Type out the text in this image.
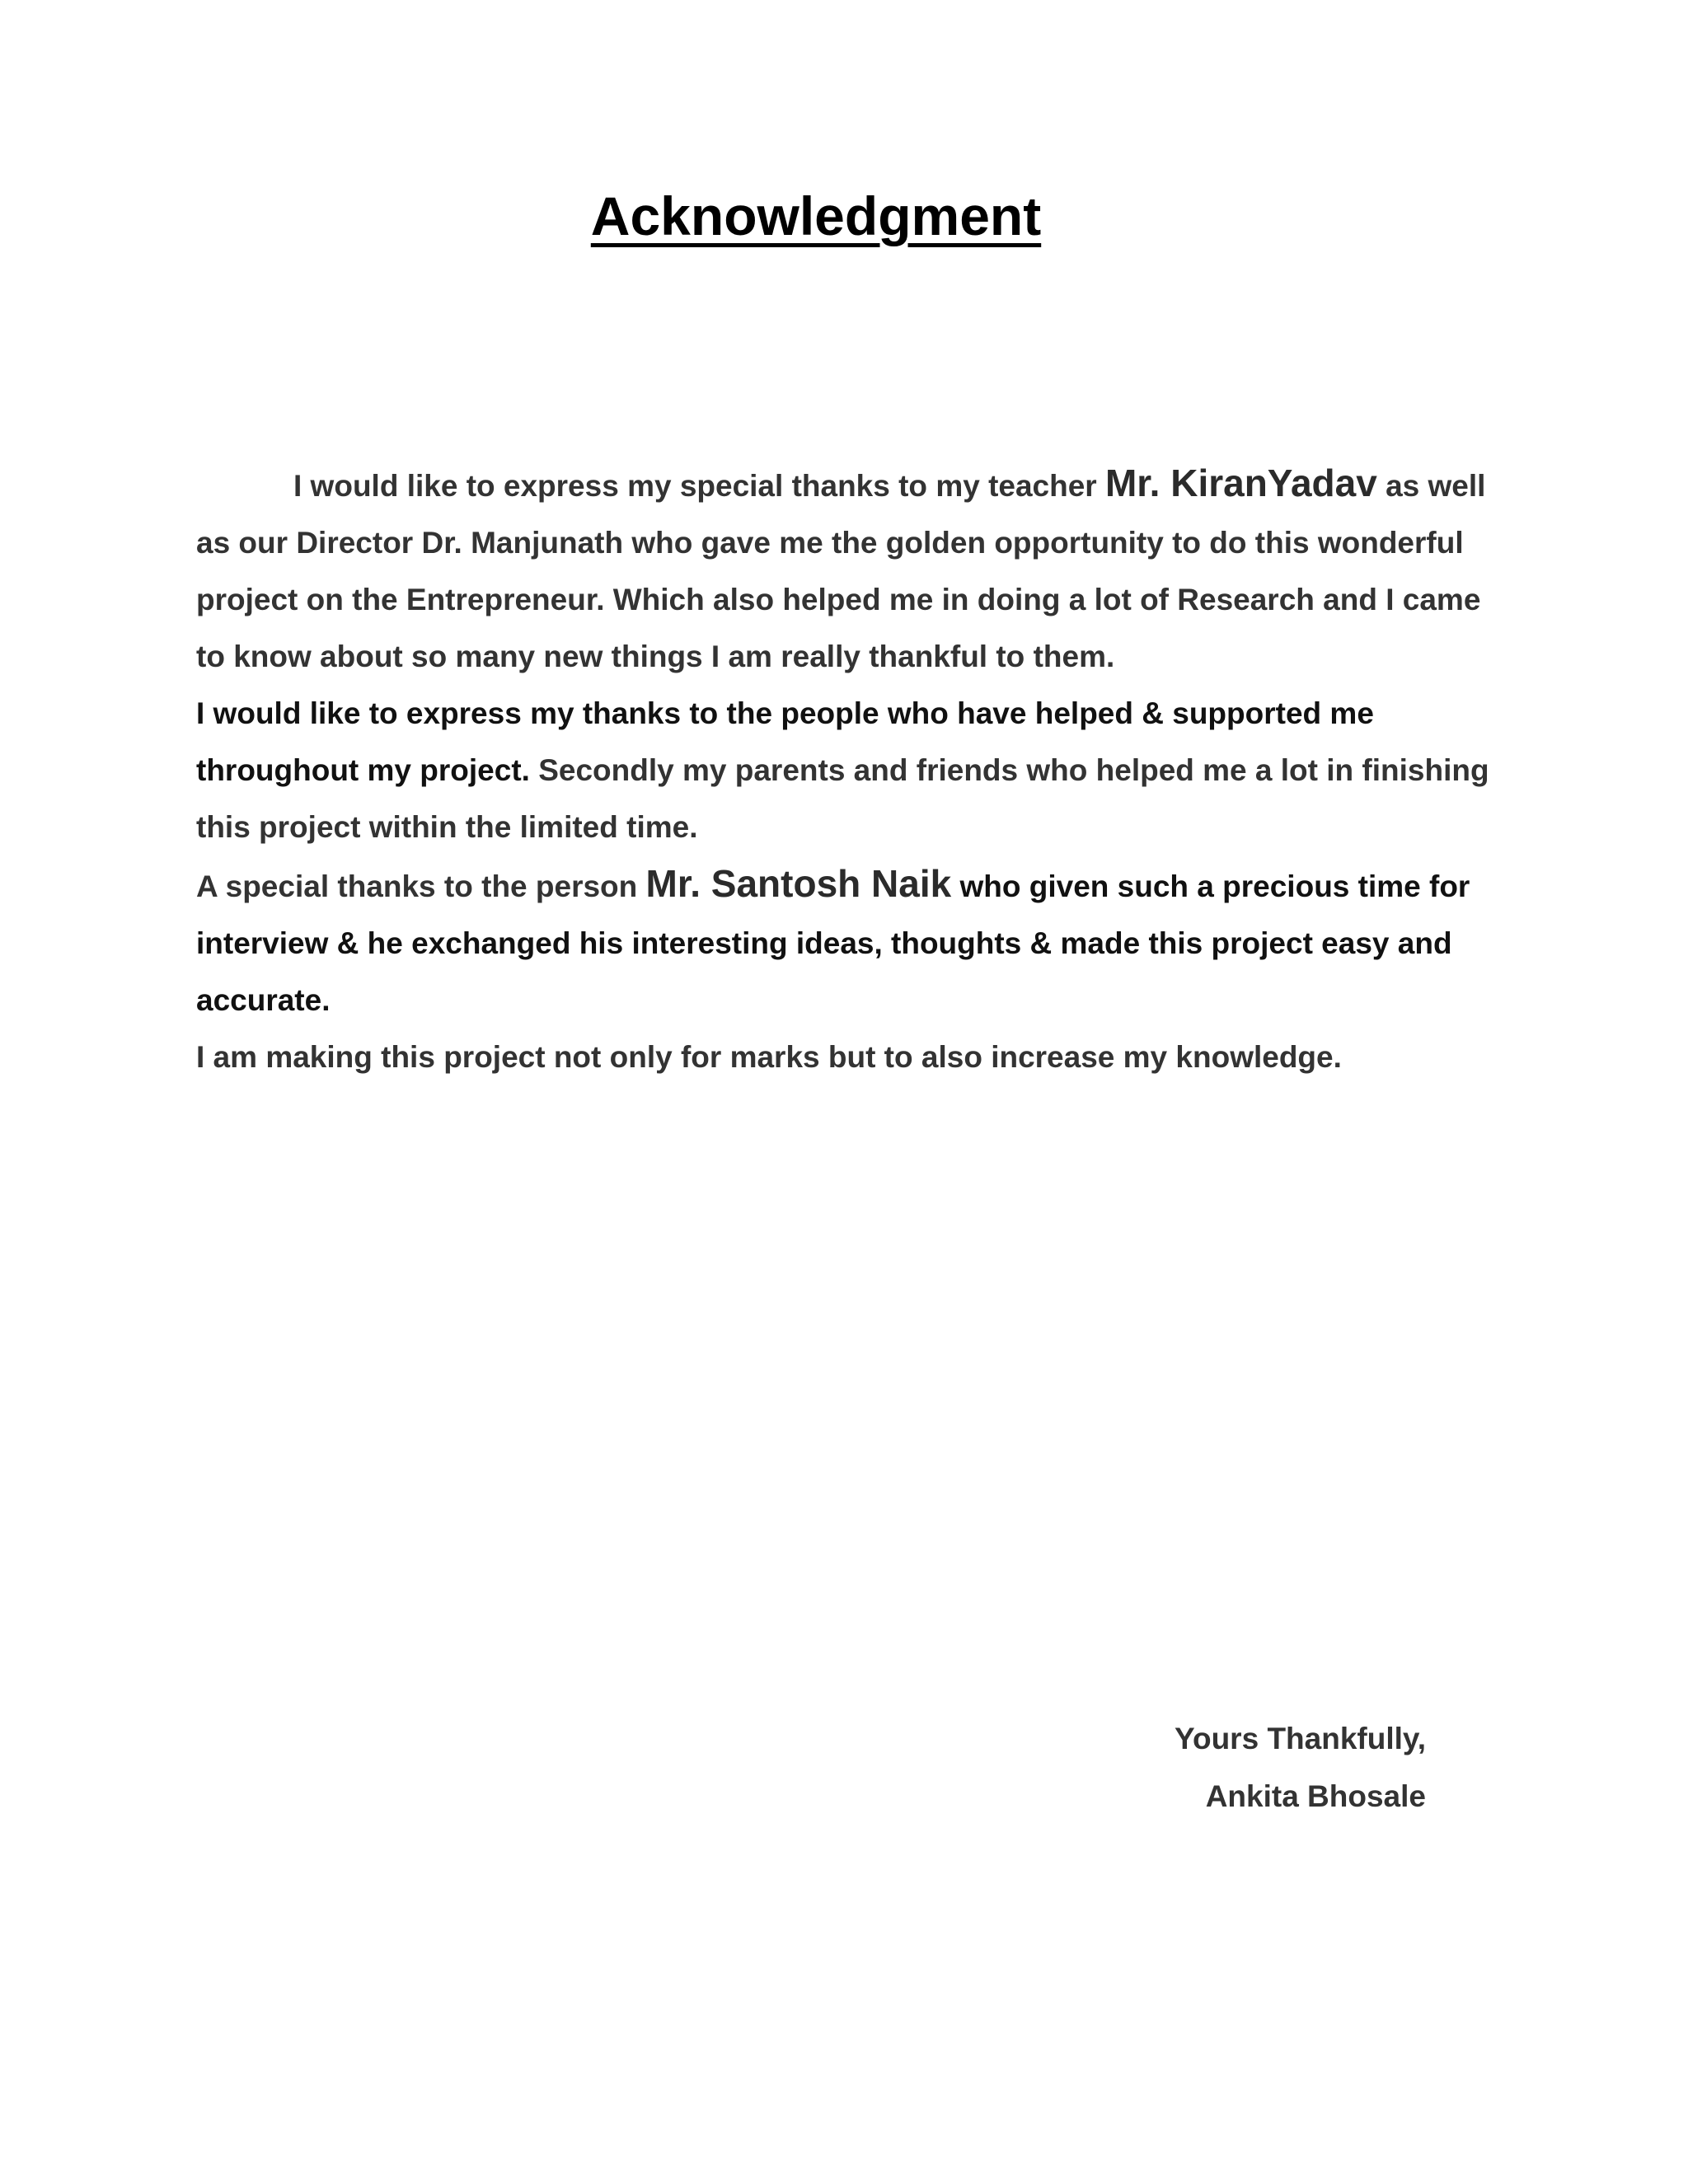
Acknowledgment

I would like to express my special thanks to my teacher Mr. KiranYadav as well as our Director Dr. Manjunath who gave me the golden opportunity to do this wonderful project on the Entrepreneur. Which also helped me in doing a lot of Research and I came to know about so many new things I am really thankful to them.

I would like to express my thanks to the people who have helped & supported me throughout my project. Secondly my parents and friends who helped me a lot in finishing this project within the limited time.

A special thanks to the person Mr. Santosh Naik who given such a precious time for interview & he exchanged his interesting ideas, thoughts & made this project easy and accurate.

I am making this project not only for marks but to also increase my knowledge.

Yours Thankfully,
Ankita Bhosale
